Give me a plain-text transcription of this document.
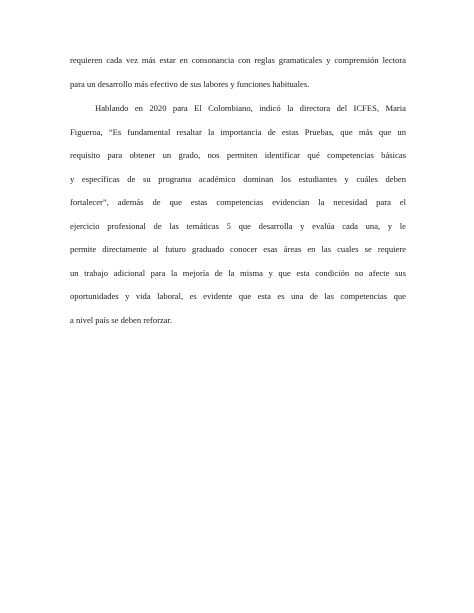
requieren cada vez más estar en consonancia con reglas gramaticales y comprensión lectora
para un desarrollo más efectivo de sus labores y funciones habituales.
Hablando en 2020 para El Colombiano, indicó la directora del ICFES, Maria
Figueroa, “Es fundamental resaltar la importancia de estas Pruebas, que más que un
requisito para obtener un grado, nos permiten identificar qué competencias básicas
y específicas de su programa académico dominan los estudiantes y cuáles deben
fortalecer”, además de que estas competencias evidencian la necesidad para el
ejercicio profesional de las temáticas 5 que desarrolla y evalúa cada una, y le
permite directamente al futuro graduado conocer esas áreas en las cuales se requiere
un trabajo adicional para la mejoría de la misma y que esta condición no afecte sus
oportunidades y vida laboral, es evidente que esta es una de las competencias que
a nivel país se deben reforzar.
